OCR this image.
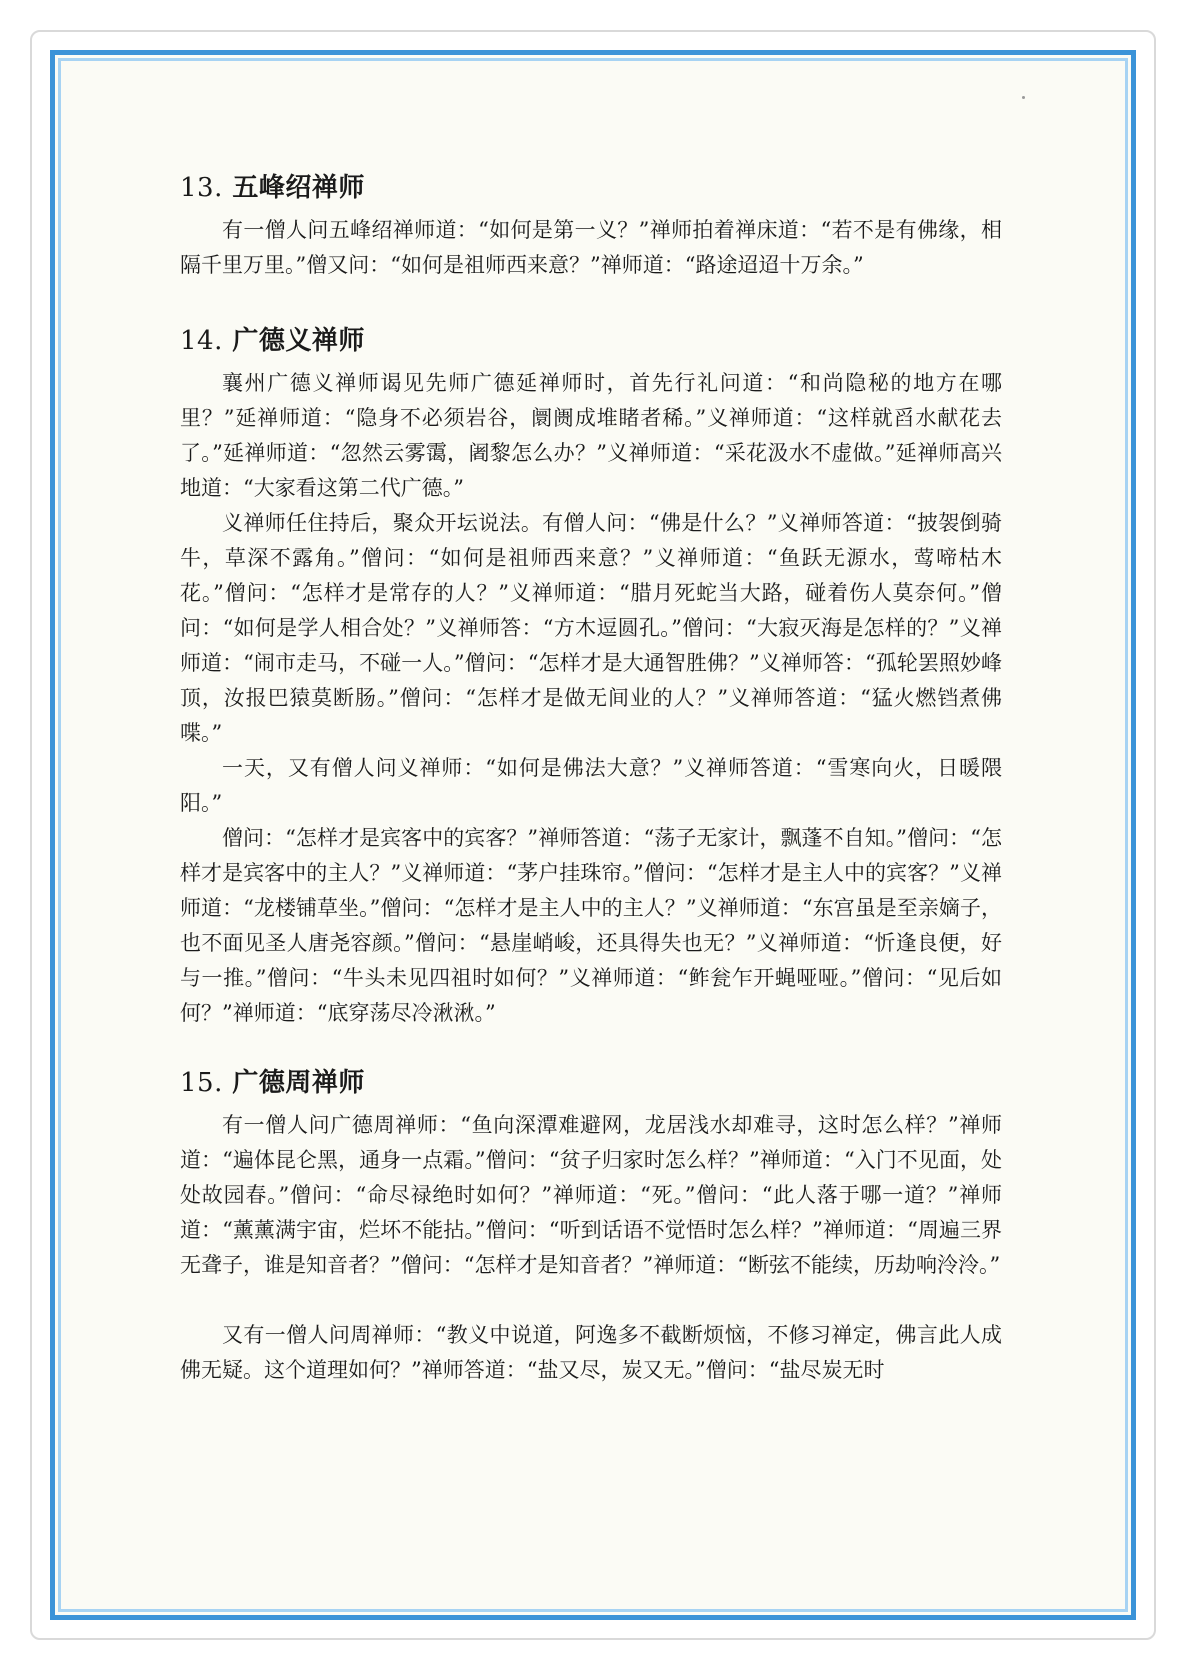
13. 五峰绍禅师

有一僧人问五峰绍禅师道：“如何是第一义？”禅师拍着禅床道：“若不是有佛缘，相隔千里万里。”僧又问：“如何是祖师西来意？”禅师道：“路途迢迢十万余。”

14. 广德义禅师

襄州广德义禅师谒见先师广德延禅师时，首先行礼问道：“和尚隐秘的地方在哪里？”延禅师道：“隐身不必须岩谷，阛阓成堆睹者稀。”义禅师道：“这样就舀水献花去了。”延禅师道：“忽然云雾霭，阇黎怎么办？”义禅师道：“采花汲水不虚做。”延禅师高兴地道：“大家看这第二代广德。”

义禅师任住持后，聚众开坛说法。有僧人问：“佛是什么？”义禅师答道：“披袈倒骑牛，草深不露角。”僧问：“如何是祖师西来意？”义禅师道：“鱼跃无源水，莺啼枯木花。”僧问：“怎样才是常存的人？”义禅师道：“腊月死蛇当大路，碰着伤人莫奈何。”僧问：“如何是学人相合处？”义禅师答：“方木逗圆孔。”僧问：“大寂灭海是怎样的？”义禅师道：“闹市走马，不碰一人。”僧问：“怎样才是大通智胜佛？”义禅师答：“孤轮罢照妙峰顶，汝报巴猿莫断肠。”僧问：“怎样才是做无间业的人？”义禅师答道：“猛火燃铛煮佛喋。”

一天，又有僧人问义禅师：“如何是佛法大意？”义禅师答道：“雪寒向火，日暖隈阳。”

僧问：“怎样才是宾客中的宾客？”禅师答道：“荡子无家计，飘蓬不自知。”僧问：“怎样才是宾客中的主人？”义禅师道：“茅户挂珠帘。”僧问：“怎样才是主人中的宾客？”义禅师道：“龙楼铺草坐。”僧问：“怎样才是主人中的主人？”义禅师道：“东宫虽是至亲嫡子，也不面见圣人唐尧容颜。”僧问：“悬崖峭峻，还具得失也无？”义禅师道：“忻逢良便，好与一推。”僧问：“牛头未见四祖时如何？”义禅师道：“鲊瓮乍开蝇哑哑。”僧问：“见后如何？”禅师道：“底穿荡尽冷湫湫。”

15. 广德周禅师

有一僧人问广德周禅师：“鱼向深潭难避网，龙居浅水却难寻，这时怎么样？”禅师道：“遍体昆仑黑，通身一点霜。”僧问：“贫子归家时怎么样？”禅师道：“入门不见面，处处故园春。”僧问：“命尽禄绝时如何？”禅师道：“死。”僧问：“此人落于哪一道？”禅师道：“薰薰满宇宙，烂坏不能拈。”僧问：“听到话语不觉悟时怎么样？”禅师道：“周遍三界无聋子，谁是知音者？”僧问：“怎样才是知音者？”禅师道：“断弦不能续，历劫响泠泠。”

又有一僧人问周禅师：“教义中说道，阿逸多不截断烦恼，不修习禅定，佛言此人成佛无疑。这个道理如何？”禅师答道：“盐又尽，炭又无。”僧问：“盐尽炭无时
